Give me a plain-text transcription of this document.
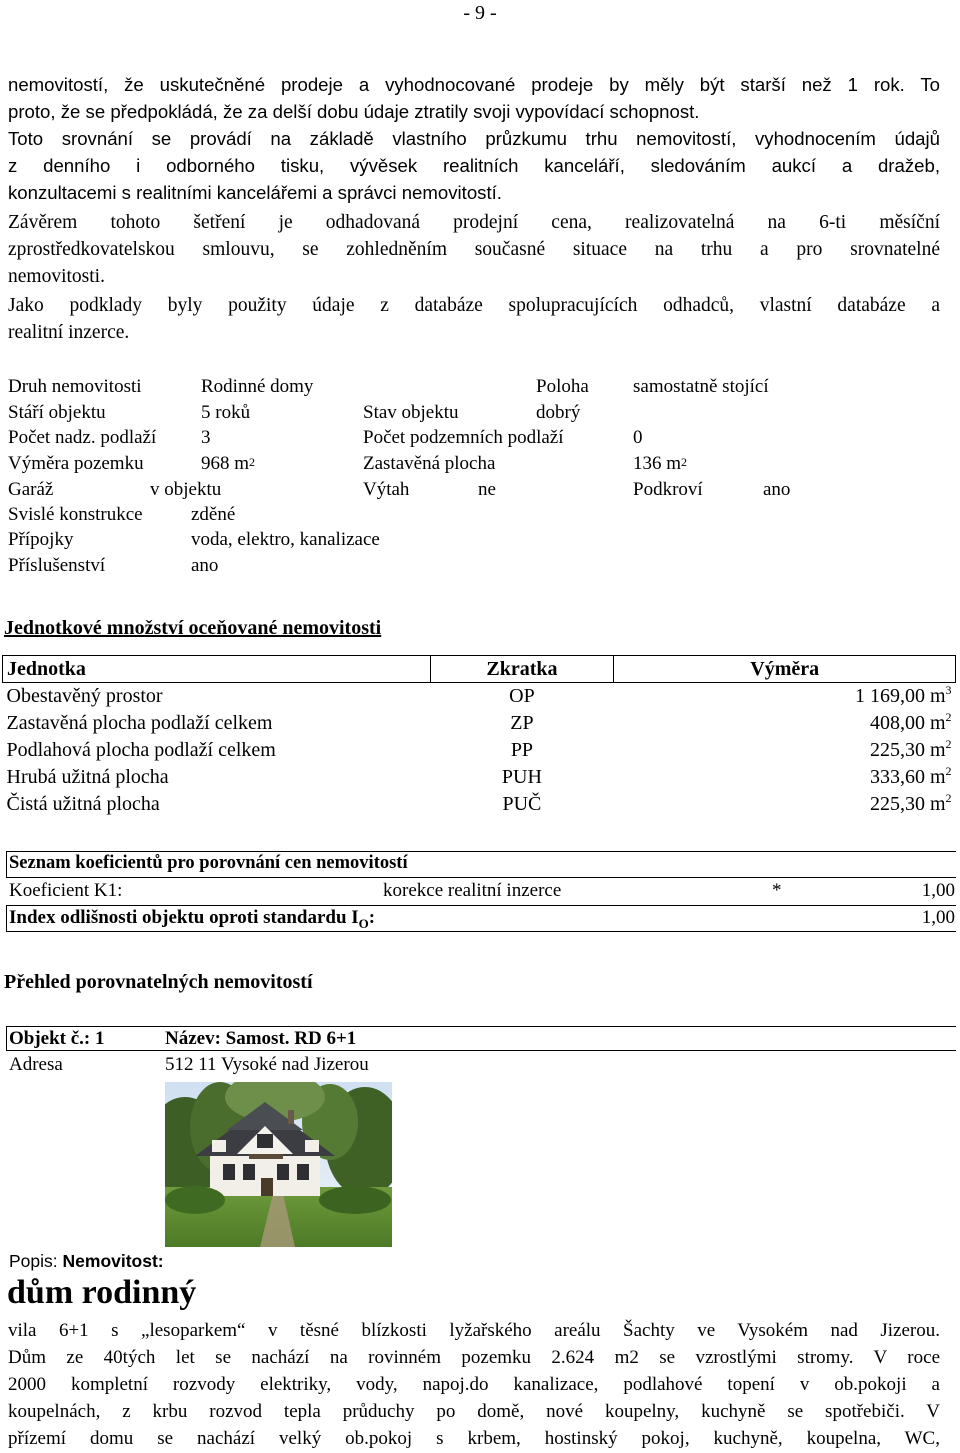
- 9 -
nemovitostí, že uskutečněné prodeje a vyhodnocované prodeje by měly být starší než 1 rok. To
proto, že se předpokládá, že za delší dobu údaje ztratily svoji vypovídací schopnost.
Toto srovnání se provádí na základě vlastního průzkumu trhu nemovitostí, vyhodnocením údajů
z denního i odborného tisku, vývěsek realitních kanceláří, sledováním aukcí a dražeb,
konzultacemi s realitními kancelářemi a správci nemovitostí.
Závěrem tohoto šetření je odhadovaná prodejní cena, realizovatelná na 6-ti měsíční
zprostředkovatelskou smlouvu, se zohledněním současné situace na trhu a pro srovnatelné
nemovitosti.
Jako podklady byly použity údaje z databáze spolupracujících odhadců, vlastní databáze a
realitní inzerce.
Druh nemovitosti	Rodinné domy	Poloha samostatně stojící
Stáří objektu	5 roků	Stav objektu	dobrý
Počet nadz. podlaží 3	Počet podzemních podlaží	0
Výměra pozemku	968 $m^2$	Zastavěná plocha	136 $m^2$
Garáž	v objektu	Výtah	ne	Podkroví	ano
Svislé konstrukce	zděné
Přípojky	voda, elektro, kanalizace
Příslušenství	ano
Jednotkové množství oceňované nemovitosti
Jednotka	Zkratka	Výměra
Obestavěný prostor	OP	1 169,00 $m^3$
Zastavěná plocha podlaží celkem	ZP	408,00 $m^2$
Podlahová plocha podlaží celkem	PP	225,30 $m^2$
Hrubá užitná plocha	PUH	333,60 $m^2$
Čistá užitná plocha	PUČ	225,30 $m^2$
Seznam koeficientů pro porovnání cen nemovitostí
Koeficient K1:	korekce realitní inzerce	*	1,00
Index odlišnosti objektu oproti standardu $I_O$:	1,00
Přehled porovnatelných nemovitostí
Objekt č.: 1	Název: Samost. RD 6+1
Adresa	512 11 Vysoké nad Jizerou
Popis: Nemovitost:
dům rodinný
vila 6+1 s „lesoparkem“ v těsné blízkosti lyžařského areálu Šachty ve Vysokém nad Jizerou.
Dům ze 40tých let se nachází na rovinném pozemku 2.624 m2 se vzrostlými stromy. V roce
2000 kompletní rozvody elektriky, vody, napoj.do kanalizace, podlahové topení v ob.pokoji a
koupelnách, z krbu rozvod tepla průduchy po domě, nové koupelny, kuchyně se spotřebiči. V
přízemí domu se nachází velký ob.pokoj s krbem, hostinský pokoj, kuchyně, koupelna, WC,
